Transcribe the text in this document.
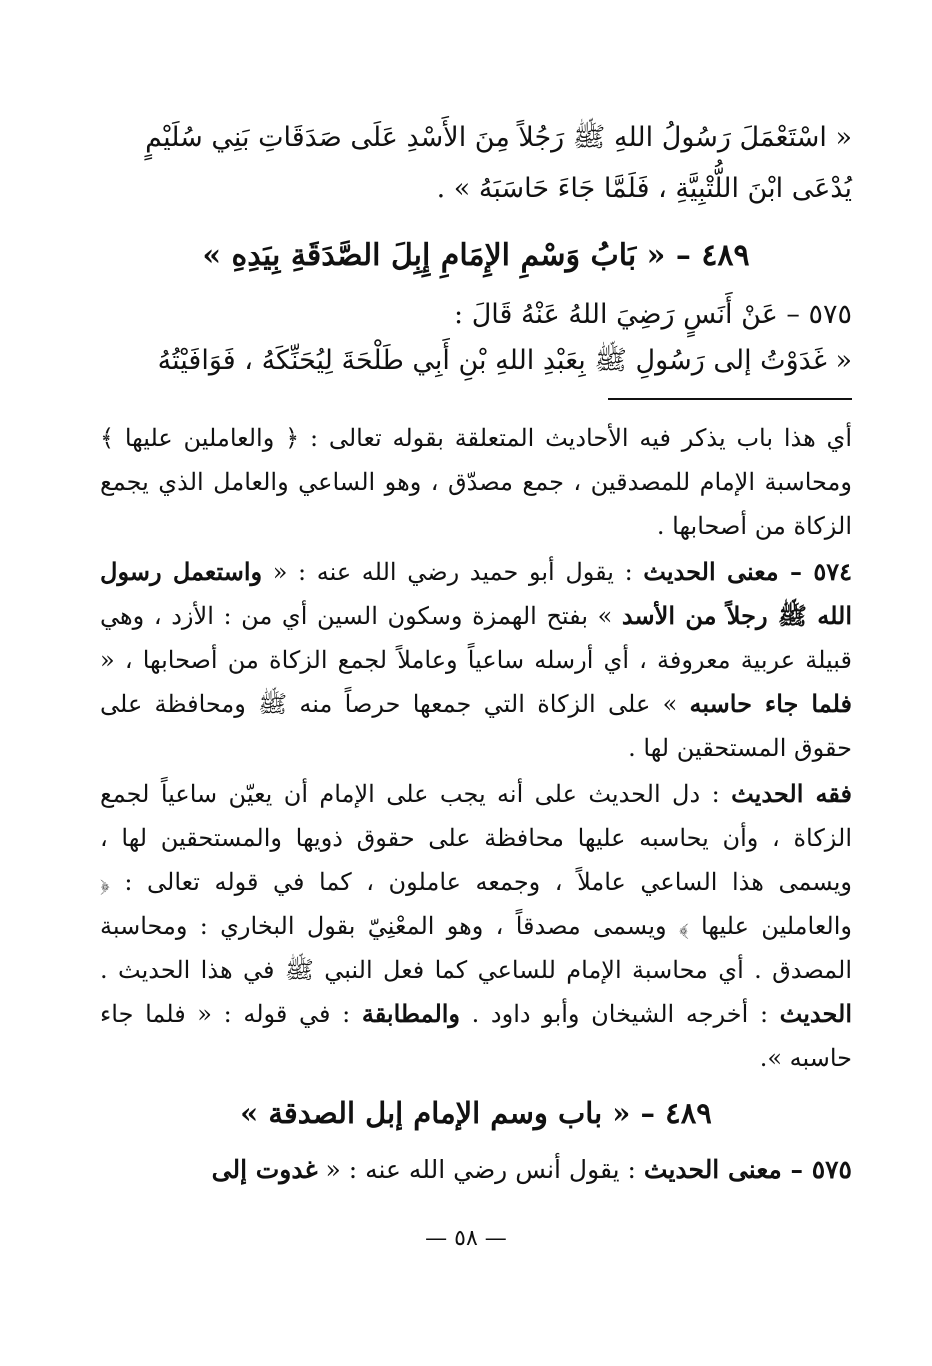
« اسْتَعْمَلَ رَسُولُ اللهِ ﷺ رَجُلاً مِنَ الأَسْدِ عَلَى صَدَقَاتِ بَنِي سُلَيْمٍ
يُدْعَى ابْنَ اللُّتْبِيَّةِ ، فَلَمَّا جَاءَ حَاسَبَهُ » .

٤٨٩ – « بَابُ وَسْمِ الإِمَامِ إِبِلَ الصَّدَقَةِ بِيَدِهِ »

٥٧٥ – عَنْ أَنَسٍ رَضِيَ اللهُ عَنْهُ قَالَ :

« غَدَوْتُ إلى رَسُولِ ﷺ بِعَبْدِ اللهِ بْنِ أَبِي طَلْحَةَ لِيُحَنِّكَهُ ، فَوَافَيْتُهُ

أي هذا باب يذكر فيه الأحاديث المتعلقة بقوله تعالى : ﴿ والعاملين عليها ﴾ ومحاسبة الإمام للمصدقين ، جمع مصدّق ، وهو الساعي والعامل الذي يجمع الزكاة من أصحابها .

٥٧٤ – معنى الحديث : يقول أبو حميد رضي الله عنه : « واستعمل رسول الله ﷺ رجلاً من الأسد » بفتح الهمزة وسكون السين أي من : الأزد ، وهي قبيلة عربية معروفة ، أي أرسله ساعياً وعاملاً لجمع الزكاة من أصحابها ، « فلما جاء حاسبه » على الزكاة التي جمعها حرصاً منه ﷺ ومحافظة على حقوق المستحقين لها .

فقه الحديث : دل الحديث على أنه يجب على الإمام أن يعيّن ساعياً لجمع الزكاة ، وأن يحاسبه عليها محافظة على حقوق ذويها والمستحقين لها ، ويسمى هذا الساعي عاملاً ، وجمعه عاملون ، كما في قوله تعالى : ﴿ والعاملين عليها ﴾ ويسمى مصدقاً ، وهو المعْنِيّ بقول البخاري : ومحاسبة المصدق . أي محاسبة الإمام للساعي كما فعل النبي ﷺ في هذا الحديث . الحديث : أخرجه الشيخان وأبو داود . والمطابقة : في قوله : « فلما جاء حاسبه ».

٤٨٩ – « باب وسم الإمام إبل الصدقة »

٥٧٥ – معنى الحديث : يقول أنس رضي الله عنه : « غدوت إلى

— ٥٨ —
